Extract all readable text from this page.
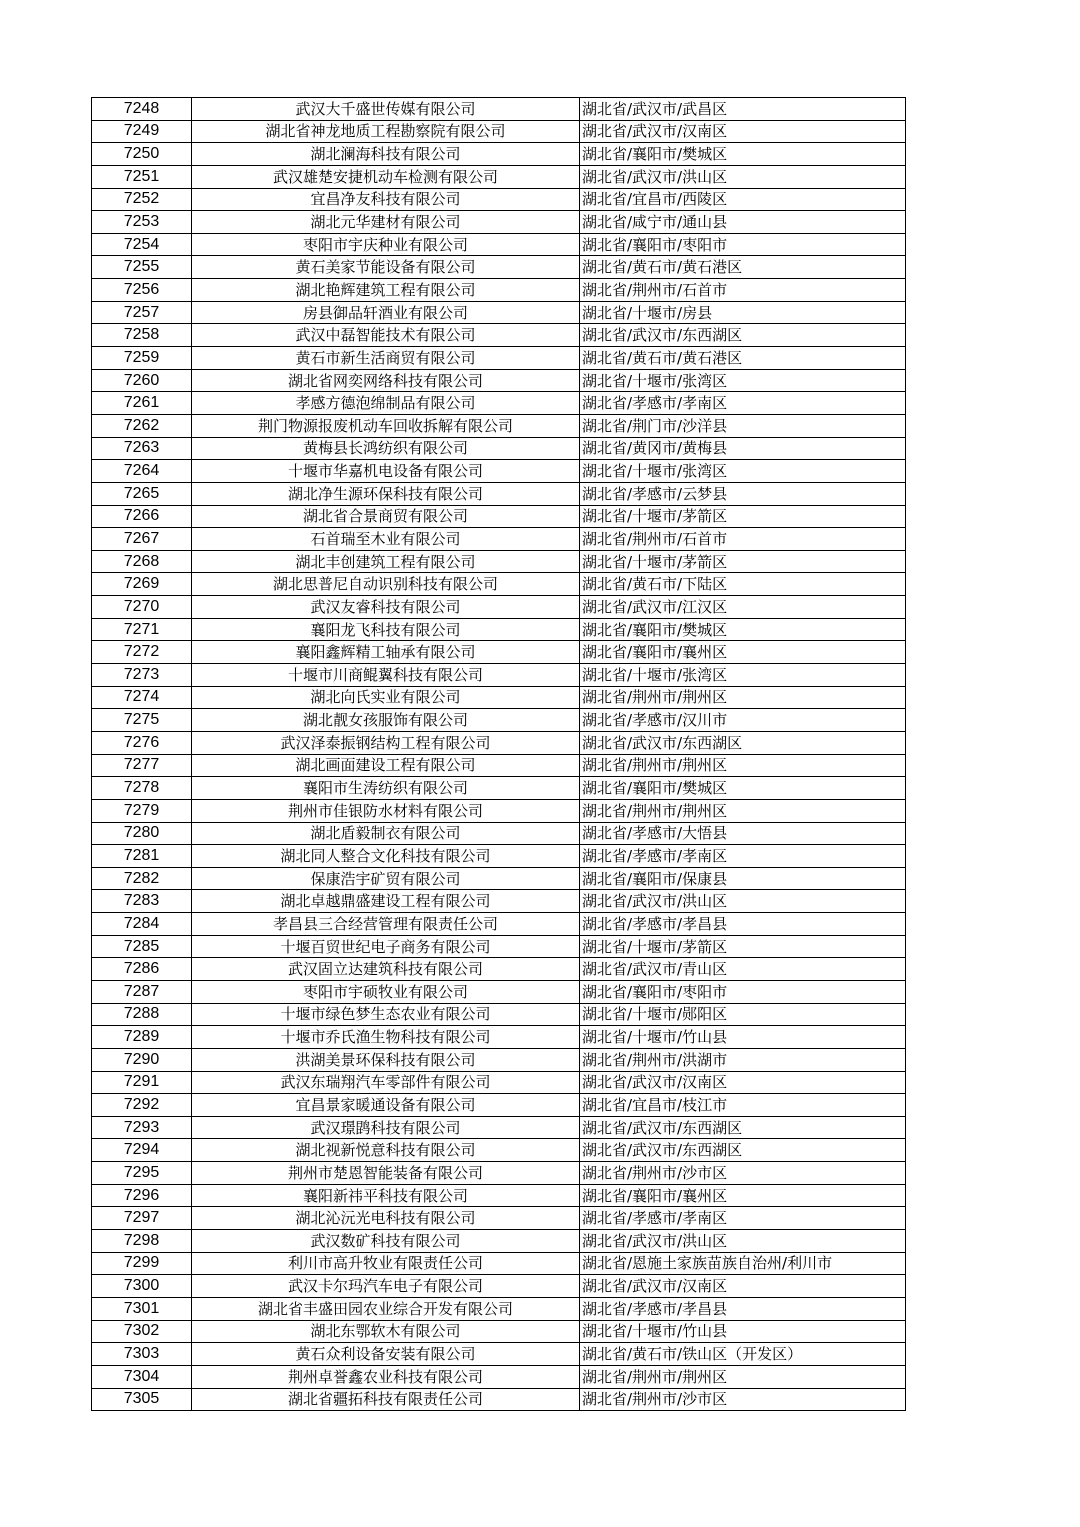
7248	武汉大千盛世传媒有限公司	湖北省/武汉市/武昌区
7249	湖北省神龙地质工程勘察院有限公司	湖北省/武汉市/汉南区
7250	湖北澜海科技有限公司	湖北省/襄阳市/樊城区
7251	武汉雄楚安捷机动车检测有限公司	湖北省/武汉市/洪山区
7252	宜昌净友科技有限公司	湖北省/宜昌市/西陵区
7253	湖北元华建材有限公司	湖北省/咸宁市/通山县
7254	枣阳市宇庆种业有限公司	湖北省/襄阳市/枣阳市
7255	黄石美家节能设备有限公司	湖北省/黄石市/黄石港区
7256	湖北艳辉建筑工程有限公司	湖北省/荆州市/石首市
7257	房县御品轩酒业有限公司	湖北省/十堰市/房县
7258	武汉中磊智能技术有限公司	湖北省/武汉市/东西湖区
7259	黄石市新生活商贸有限公司	湖北省/黄石市/黄石港区
7260	湖北省网奕网络科技有限公司	湖北省/十堰市/张湾区
7261	孝感方德泡绵制品有限公司	湖北省/孝感市/孝南区
7262	荆门物源报废机动车回收拆解有限公司	湖北省/荆门市/沙洋县
7263	黄梅县长鸿纺织有限公司	湖北省/黄冈市/黄梅县
7264	十堰市华嘉机电设备有限公司	湖北省/十堰市/张湾区
7265	湖北净生源环保科技有限公司	湖北省/孝感市/云梦县
7266	湖北省合景商贸有限公司	湖北省/十堰市/茅箭区
7267	石首瑞至木业有限公司	湖北省/荆州市/石首市
7268	湖北丰创建筑工程有限公司	湖北省/十堰市/茅箭区
7269	湖北思普尼自动识别科技有限公司	湖北省/黄石市/下陆区
7270	武汉友睿科技有限公司	湖北省/武汉市/江汉区
7271	襄阳龙飞科技有限公司	湖北省/襄阳市/樊城区
7272	襄阳鑫辉精工轴承有限公司	湖北省/襄阳市/襄州区
7273	十堰市川商鲲翼科技有限公司	湖北省/十堰市/张湾区
7274	湖北向氏实业有限公司	湖北省/荆州市/荆州区
7275	湖北靓女孩服饰有限公司	湖北省/孝感市/汉川市
7276	武汉泽泰振钢结构工程有限公司	湖北省/武汉市/东西湖区
7277	湖北画面建设工程有限公司	湖北省/荆州市/荆州区
7278	襄阳市生涛纺织有限公司	湖北省/襄阳市/樊城区
7279	荆州市佳银防水材料有限公司	湖北省/荆州市/荆州区
7280	湖北盾毅制衣有限公司	湖北省/孝感市/大悟县
7281	湖北同人整合文化科技有限公司	湖北省/孝感市/孝南区
7282	保康浩宇矿贸有限公司	湖北省/襄阳市/保康县
7283	湖北卓越鼎盛建设工程有限公司	湖北省/武汉市/洪山区
7284	孝昌县三合经营管理有限责任公司	湖北省/孝感市/孝昌县
7285	十堰百贸世纪电子商务有限公司	湖北省/十堰市/茅箭区
7286	武汉固立达建筑科技有限公司	湖北省/武汉市/青山区
7287	枣阳市宇硕牧业有限公司	湖北省/襄阳市/枣阳市
7288	十堰市绿色梦生态农业有限公司	湖北省/十堰市/郧阳区
7289	十堰市乔氏渔生物科技有限公司	湖北省/十堰市/竹山县
7290	洪湖美景环保科技有限公司	湖北省/荆州市/洪湖市
7291	武汉东瑞翔汽车零部件有限公司	湖北省/武汉市/汉南区
7292	宜昌景家暖通设备有限公司	湖北省/宜昌市/枝江市
7293	武汉璟鹍科技有限公司	湖北省/武汉市/东西湖区
7294	湖北视新悦意科技有限公司	湖北省/武汉市/东西湖区
7295	荆州市楚恩智能装备有限公司	湖北省/荆州市/沙市区
7296	襄阳新祎平科技有限公司	湖北省/襄阳市/襄州区
7297	湖北沁沅光电科技有限公司	湖北省/孝感市/孝南区
7298	武汉数矿科技有限公司	湖北省/武汉市/洪山区
7299	利川市高升牧业有限责任公司	湖北省/恩施土家族苗族自治州/利川市
7300	武汉卡尔玛汽车电子有限公司	湖北省/武汉市/汉南区
7301	湖北省丰盛田园农业综合开发有限公司	湖北省/孝感市/孝昌县
7302	湖北东鄂软木有限公司	湖北省/十堰市/竹山县
7303	黄石众利设备安装有限公司	湖北省/黄石市/铁山区（开发区）
7304	荆州卓誉鑫农业科技有限公司	湖北省/荆州市/荆州区
7305	湖北省疆拓科技有限责任公司	湖北省/荆州市/沙市区
